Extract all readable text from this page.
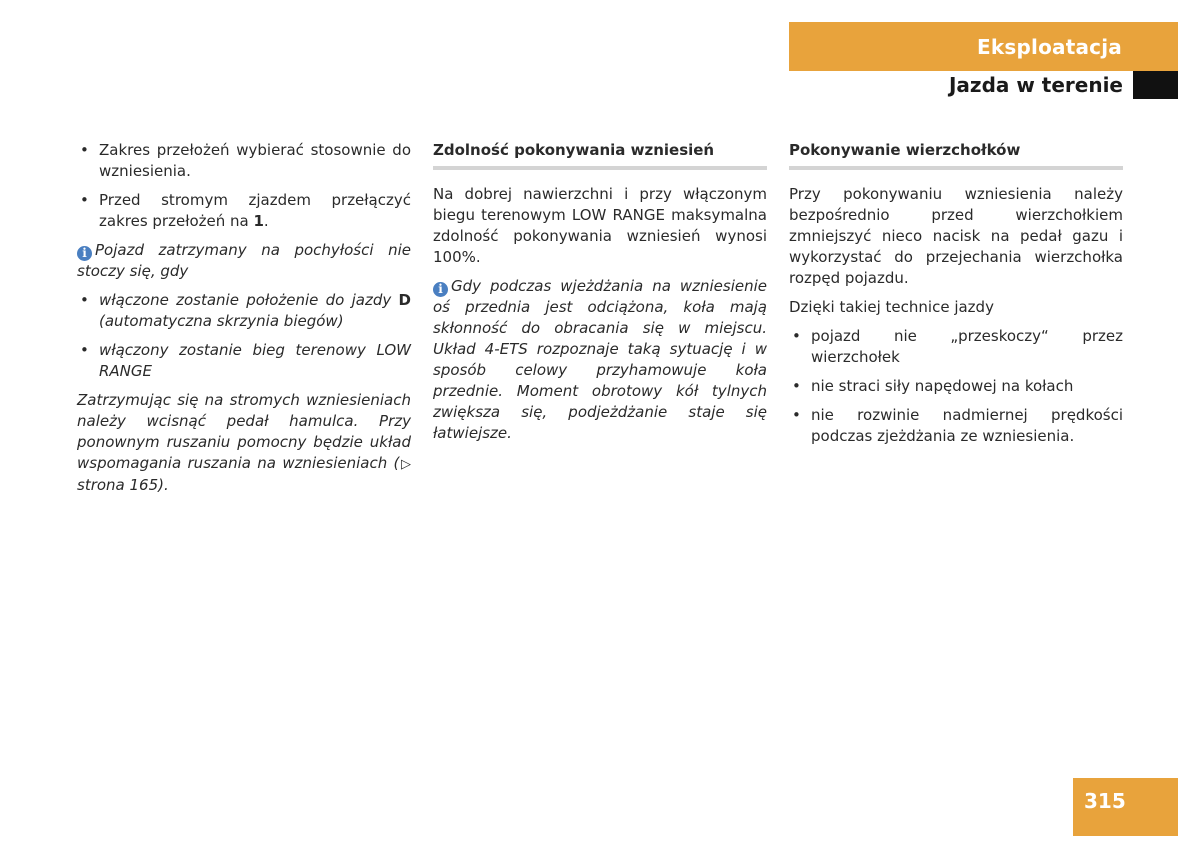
Eksploatacja
Jazda w terenie
• Zakres przełożeń wybierać stosownie do wzniesienia.
• Przed stromym zjazdem przełączyć zakres przełożeń na 1.

i Pojazd zatrzymany na pochyłości nie stoczy się, gdy

• włączone zostanie położenie do jazdy D (automatyczna skrzynia biegów)
• włączony zostanie bieg terenowy LOW RANGE

Zatrzymując się na stromych wzniesieniach należy wcisnąć pedał hamulca. Przy ponownym ruszaniu pomocny będzie układ wspomagania ruszania na wzniesieniach (▷ strona 165).

Zdolność pokonywania wzniesień

Na dobrej nawierzchni i przy włączonym biegu terenowym LOW RANGE maksymalna zdolność pokonywania wzniesień wynosi 100%.

i Gdy podczas wjeżdżania na wzniesienie oś przednia jest odciążona, koła mają skłonność do obracania się w miejscu. Układ 4-ETS rozpoznaje taką sytuację i w sposób celowy przyhamowuje koła przednie. Moment obrotowy kół tylnych zwiększa się, podjeżdżanie staje się łatwiejsze.

Pokonywanie wierzchołków

Przy pokonywaniu wzniesienia należy bezpośrednio przed wierzchołkiem zmniejszyć nieco nacisk na pedał gazu i wykorzystać do przejechania wierzchołka rozpęd pojazdu.

Dzięki takiej technice jazdy

• pojazd nie „przeskoczy“ przez wierzchołek
• nie straci siły napędowej na kołach
• nie rozwinie nadmiernej prędkości podczas zjeżdżania ze wzniesienia.
315
